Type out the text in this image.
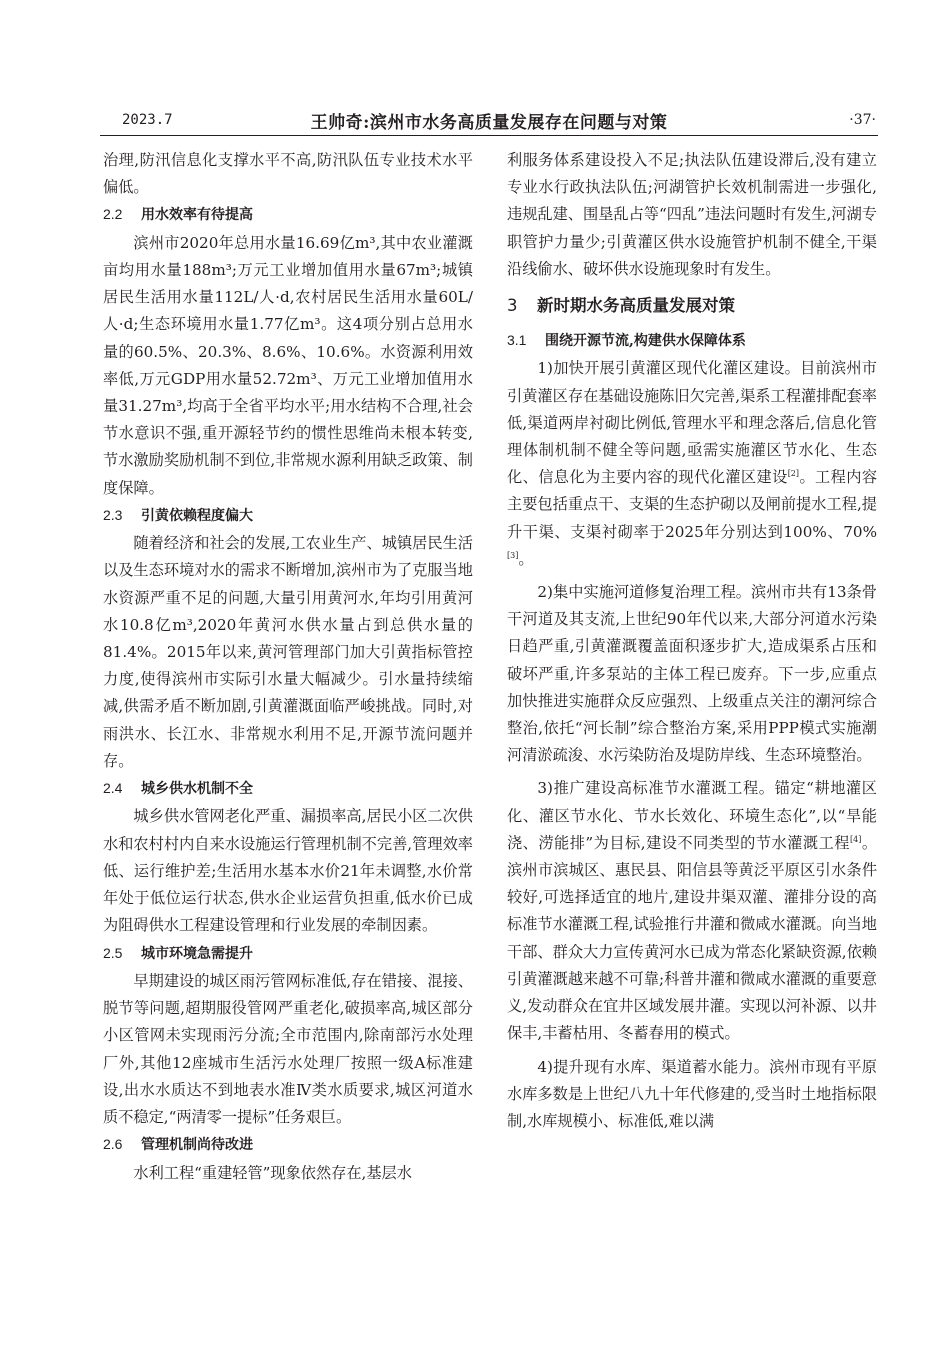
2023.7	王帅奇:滨州市水务高质量发展存在问题与对策	·37·

治理,防汛信息化支撑水平不高,防汛队伍专业技术水平偏低。

2.2 用水效率有待提高

滨州市2020年总用水量16.69亿m³,其中农业灌溉亩均用水量188m³;万元工业增加值用水量67m³;城镇居民生活用水量112L/人·d,农村居民生活用水量60L/人·d;生态环境用水量1.77亿m³。这4项分别占总用水量的60.5%、20.3%、8.6%、10.6%。水资源利用效率低,万元GDP用水量52.72m³、万元工业增加值用水量31.27m³,均高于全省平均水平;用水结构不合理,社会节水意识不强,重开源轻节约的惯性思维尚未根本转变,节水激励奖励机制不到位,非常规水源利用缺乏政策、制度保障。

2.3 引黄依赖程度偏大

随着经济和社会的发展,工农业生产、城镇居民生活以及生态环境对水的需求不断增加,滨州市为了克服当地水资源严重不足的问题,大量引用黄河水,年均引用黄河水10.8亿m³,2020年黄河水供水量占到总供水量的81.4%。2015年以来,黄河管理部门加大引黄指标管控力度,使得滨州市实际引水量大幅减少。引水量持续缩减,供需矛盾不断加剧,引黄灌溉面临严峻挑战。同时,对雨洪水、长江水、非常规水利用不足,开源节流问题并存。

2.4 城乡供水机制不全

城乡供水管网老化严重、漏损率高,居民小区二次供水和农村村内自来水设施运行管理机制不完善,管理效率低、运行维护差;生活用水基本水价21年未调整,水价常年处于低位运行状态,供水企业运营负担重,低水价已成为阻碍供水工程建设管理和行业发展的牵制因素。

2.5 城市环境急需提升

早期建设的城区雨污管网标准低,存在错接、混接、脱节等问题,超期服役管网严重老化,破损率高,城区部分小区管网未实现雨污分流;全市范围内,除南部污水处理厂外,其他12座城市生活污水处理厂按照一级A标准建设,出水水质达不到地表水准Ⅳ类水质要求,城区河道水质不稳定,“两清零一提标”任务艰巨。

2.6 管理机制尚待改进

水利工程“重建轻管”现象依然存在,基层水

利服务体系建设投入不足;执法队伍建设滞后,没有建立专业水行政执法队伍;河湖管护长效机制需进一步强化,违规乱建、围垦乱占等“四乱”违法问题时有发生,河湖专职管护力量少;引黄灌区供水设施管护机制不健全,干渠沿线偷水、破坏供水设施现象时有发生。

3 新时期水务高质量发展对策
3.1 围绕开源节流,构建供水保障体系

1)加快开展引黄灌区现代化灌区建设。目前滨州市引黄灌区存在基础设施陈旧欠完善,渠系工程灌排配套率低,渠道两岸衬砌比例低,管理水平和理念落后,信息化管理体制机制不健全等问题,亟需实施灌区节水化、生态化、信息化为主要内容的现代化灌区建设[2]。工程内容主要包括重点干、支渠的生态护砌以及闸前提水工程,提升干渠、支渠衬砌率于2025年分别达到100%、70%[3]。

2)集中实施河道修复治理工程。滨州市共有13条骨干河道及其支流,上世纪90年代以来,大部分河道水污染日趋严重,引黄灌溉覆盖面积逐步扩大,造成渠系占压和破坏严重,许多泵站的主体工程已废弃。下一步,应重点加快推进实施群众反应强烈、上级重点关注的潮河综合整治,依托“河长制”综合整治方案,采用PPP模式实施潮河清淤疏浚、水污染防治及堤防岸线、生态环境整治。

3)推广建设高标准节水灌溉工程。锚定“耕地灌区化、灌区节水化、节水长效化、环境生态化”,以“旱能浇、涝能排”为目标,建设不同类型的节水灌溉工程[4]。滨州市滨城区、惠民县、阳信县等黄泛平原区引水条件较好,可选择适宜的地片,建设井渠双灌、灌排分设的高标准节水灌溉工程,试验推行井灌和微咸水灌溉。向当地干部、群众大力宣传黄河水已成为常态化紧缺资源,依赖引黄灌溉越来越不可靠;科普井灌和微咸水灌溉的重要意义,发动群众在宜井区域发展井灌。实现以河补源、以井保丰,丰蓄枯用、冬蓄春用的模式。

4)提升现有水库、渠道蓄水能力。滨州市现有平原水库多数是上世纪八九十年代修建的,受当时土地指标限制,水库规模小、标准低,难以满
